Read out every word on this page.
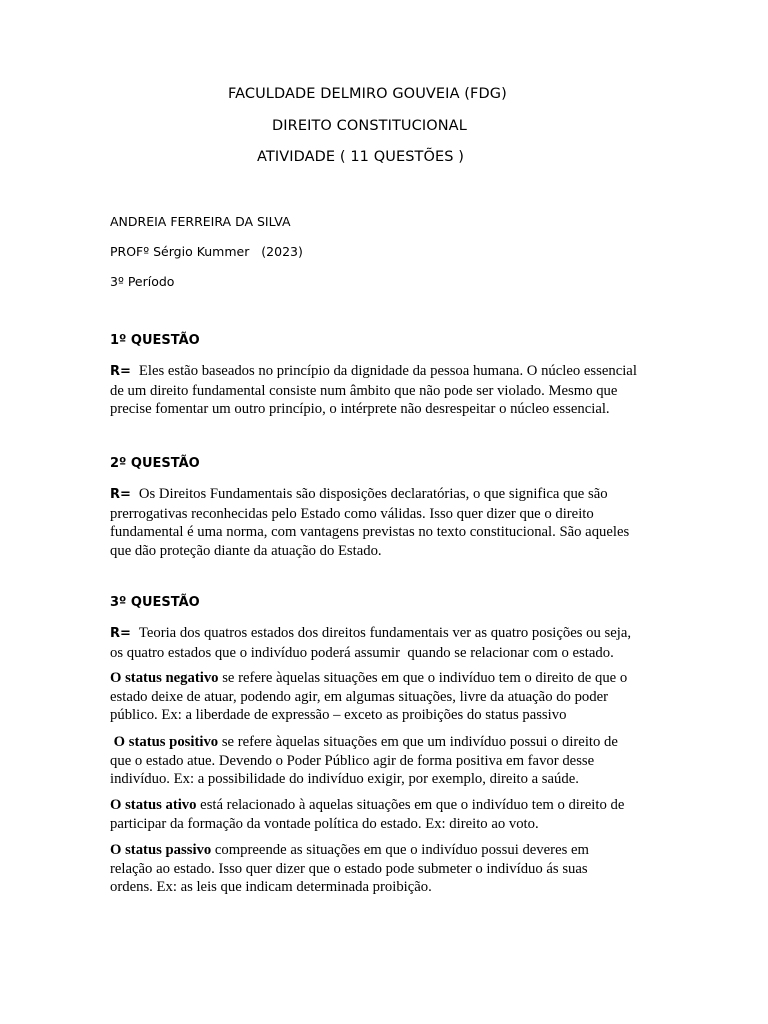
FACULDADE DELMIRO GOUVEIA (FDG)
DIREITO CONSTITUCIONAL
ATIVIDADE ( 11 QUESTÕES )
ANDREIA FERREIRA DA SILVA
PROFº Sérgio Kummer   (2023)
3º Período
1º QUESTÃO
R= Eles estão baseados no princípio da dignidade da pessoa humana. O núcleo essencial
de um direito fundamental consiste num âmbito que não pode ser violado. Mesmo que
precise fomentar um outro princípio, o intérprete não desrespeitar o núcleo essencial.
2º QUESTÃO
R= Os Direitos Fundamentais são disposições declaratórias, o que significa que são
prerrogativas reconhecidas pelo Estado como válidas. Isso quer dizer que o direito
fundamental é uma norma, com vantagens previstas no texto constitucional. São aqueles
que dão proteção diante da atuação do Estado.
3º QUESTÃO
R= Teoria dos quatros estados dos direitos fundamentais ver as quatro posições ou seja,
os quatro estados que o indivíduo poderá assumir  quando se relacionar com o estado.
O status negativo se refere àquelas situações em que o indivíduo tem o direito de que o
estado deixe de atuar, podendo agir, em algumas situações, livre da atuação do poder
público. Ex: a liberdade de expressão – exceto as proibições do status passivo
O status positivo se refere àquelas situações em que um indivíduo possui o direito de
que o estado atue. Devendo o Poder Público agir de forma positiva em favor desse
indivíduo. Ex: a possibilidade do indivíduo exigir, por exemplo, direito a saúde.
O status ativo está relacionado à aquelas situações em que o indivíduo tem o direito de
participar da formação da vontade política do estado. Ex: direito ao voto.
O status passivo compreende as situações em que o indivíduo possui deveres em
relação ao estado. Isso quer dizer que o estado pode submeter o indivíduo ás suas
ordens. Ex: as leis que indicam determinada proibição.
